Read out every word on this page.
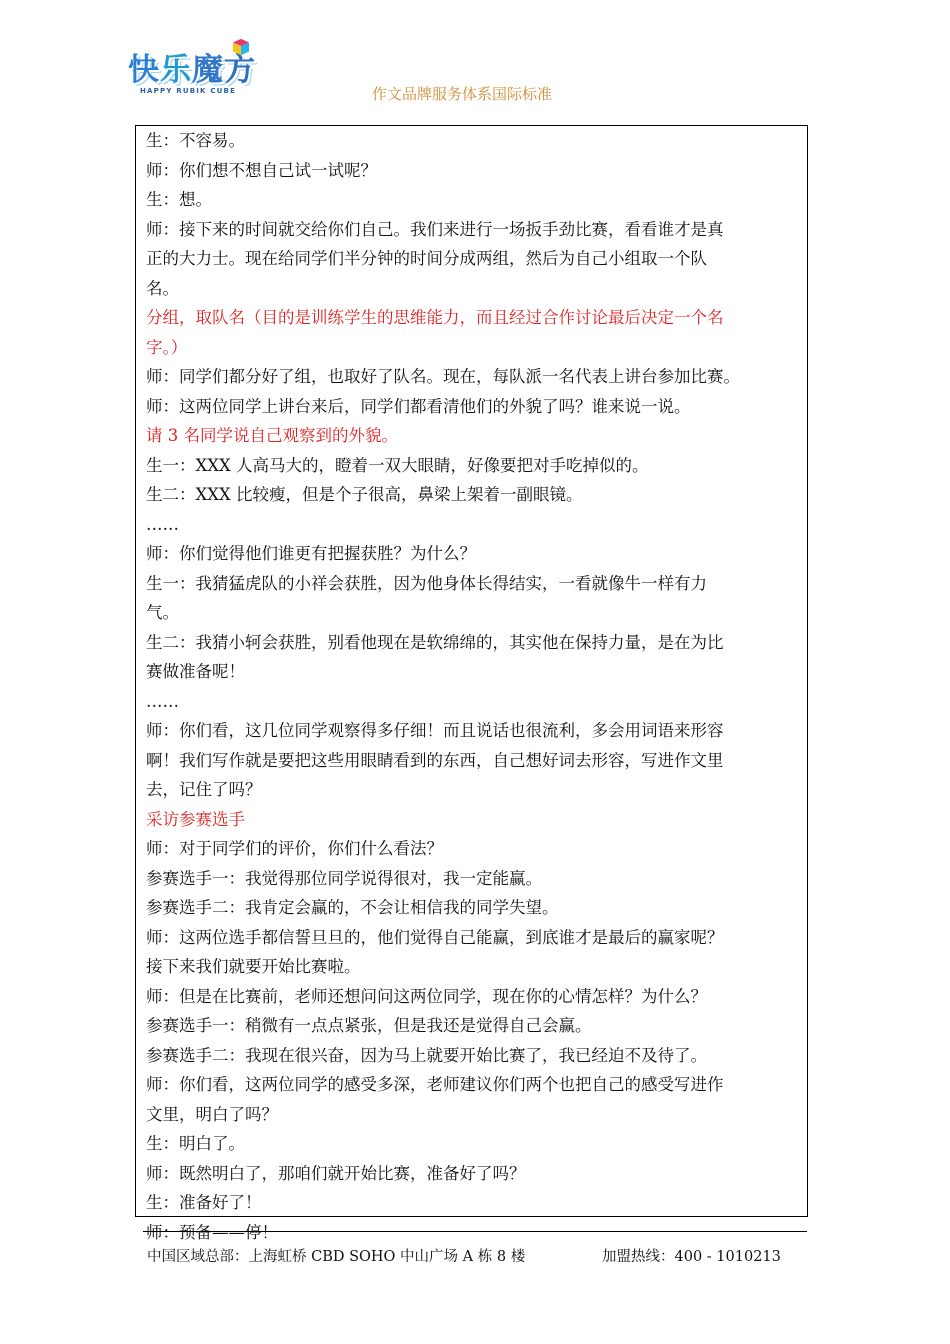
快乐魔方
HAPPY RUBIK CUBE	作文品牌服务体系国际标准
生：不容易。
师：你们想不想自己试一试呢？
生：想。
师：接下来的时间就交给你们自己。我们来进行一场扳手劲比赛，看看谁才是真
正的大力士。现在给同学们半分钟的时间分成两组，然后为自己小组取一个队
名。
分组，取队名（目的是训练学生的思维能力，而且经过合作讨论最后决定一个名
字。）
师：同学们都分好了组，也取好了队名。现在，每队派一名代表上讲台参加比赛。
师：这两位同学上讲台来后，同学们都看清他们的外貌了吗？谁来说一说。
请 3 名同学说自己观察到的外貌。
生一：XXX 人高马大的，瞪着一双大眼睛，好像要把对手吃掉似的。
生二：XXX 比较瘦，但是个子很高，鼻梁上架着一副眼镜。
……
师：你们觉得他们谁更有把握获胜？为什么？
生一：我猜猛虎队的小祥会获胜，因为他身体长得结实，一看就像牛一样有力
气。
生二：我猜小轲会获胜，别看他现在是软绵绵的，其实他在保持力量，是在为比
赛做准备呢！
……
师：你们看，这几位同学观察得多仔细！而且说话也很流利，多会用词语来形容
啊！我们写作就是要把这些用眼睛看到的东西，自己想好词去形容，写进作文里
去，记住了吗？
采访参赛选手
师：对于同学们的评价，你们什么看法？
参赛选手一：我觉得那位同学说得很对，我一定能赢。
参赛选手二：我肯定会赢的，不会让相信我的同学失望。
师：这两位选手都信誓旦旦的，他们觉得自己能赢，到底谁才是最后的赢家呢？
接下来我们就要开始比赛啦。
师：但是在比赛前，老师还想问问这两位同学，现在你的心情怎样？为什么？
参赛选手一：稍微有一点点紧张，但是我还是觉得自己会赢。
参赛选手二：我现在很兴奋，因为马上就要开始比赛了，我已经迫不及待了。
师：你们看，这两位同学的感受多深，老师建议你们两个也把自己的感受写进作
文里，明白了吗？
生：明白了。
师：既然明白了，那咱们就开始比赛，准备好了吗？
生：准备好了！
师：预备——停！
中国区域总部：上海虹桥 CBD SOHO 中山广场 A 栋 8 楼	加盟热线：400 - 1010213
